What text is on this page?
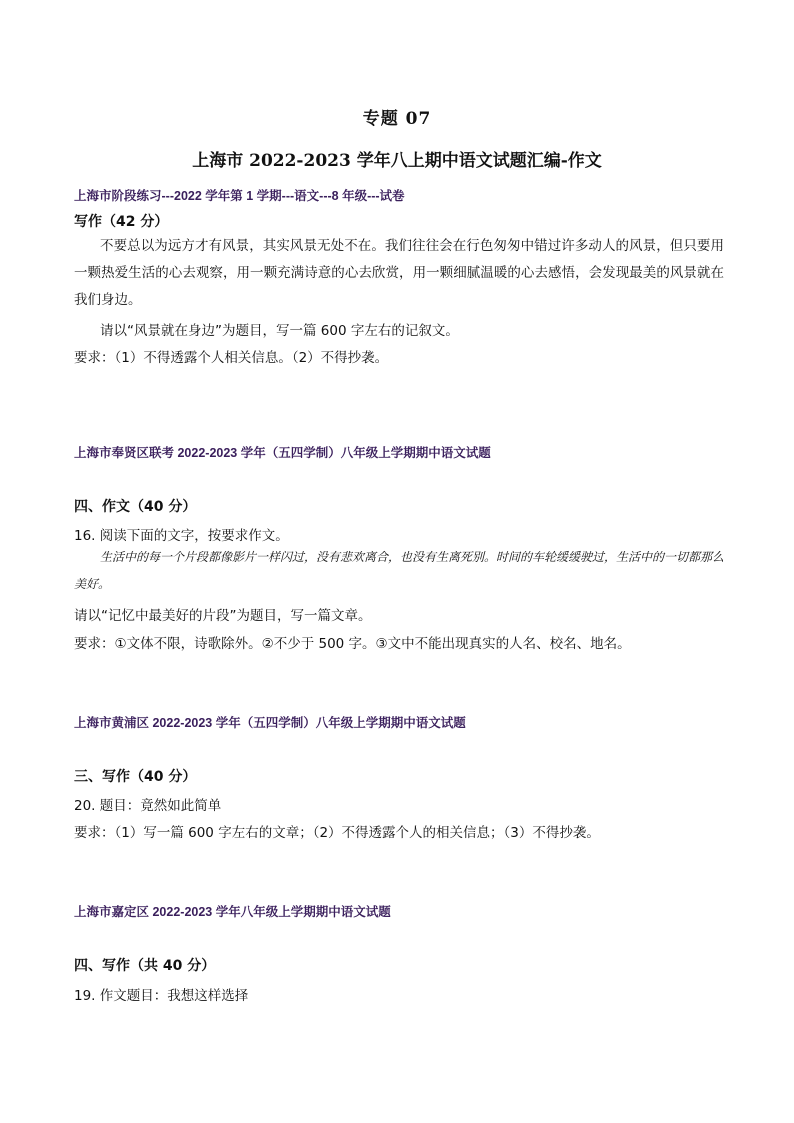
专题 07
上海市 2022-2023 学年八上期中语文试题汇编-作文
上海市阶段练习---2022 学年第 1 学期---语文---8 年级---试卷
写作（42 分）
不要总以为远方才有风景，其实风景无处不在。我们往往会在行色匆匆中错过许多动人的风景，但只要用一颗热爱生活的心去观察，用一颗充满诗意的心去欣赏，用一颗细腻温暖的心去感悟，会发现最美的风景就在我们身边。
请以“风景就在身边”为题目，写一篇 600 字左右的记叙文。
要求：（1）不得透露个人相关信息。（2）不得抄袭。
上海市奉贤区联考 2022-2023 学年（五四学制）八年级上学期期中语文试题
四、作文（40 分）
16. 阅读下面的文字，按要求作文。
生活中的每一个片段都像影片一样闪过，没有悲欢离合，也没有生离死别。时间的车轮缓缓驶过，生活中的一切都那么美好。
请以“记忆中最美好的片段”为题目，写一篇文章。
要求：①文体不限，诗歌除外。②不少于 500 字。③文中不能出现真实的人名、校名、地名。
上海市黄浦区 2022-2023 学年（五四学制）八年级上学期期中语文试题
三、写作（40 分）
20. 题目：竟然如此简单
要求：（1）写一篇 600 字左右的文章；（2）不得透露个人的相关信息；（3）不得抄袭。
上海市嘉定区 2022-2023 学年八年级上学期期中语文试题
四、写作（共 40 分）
19. 作文题目：我想这样选择
